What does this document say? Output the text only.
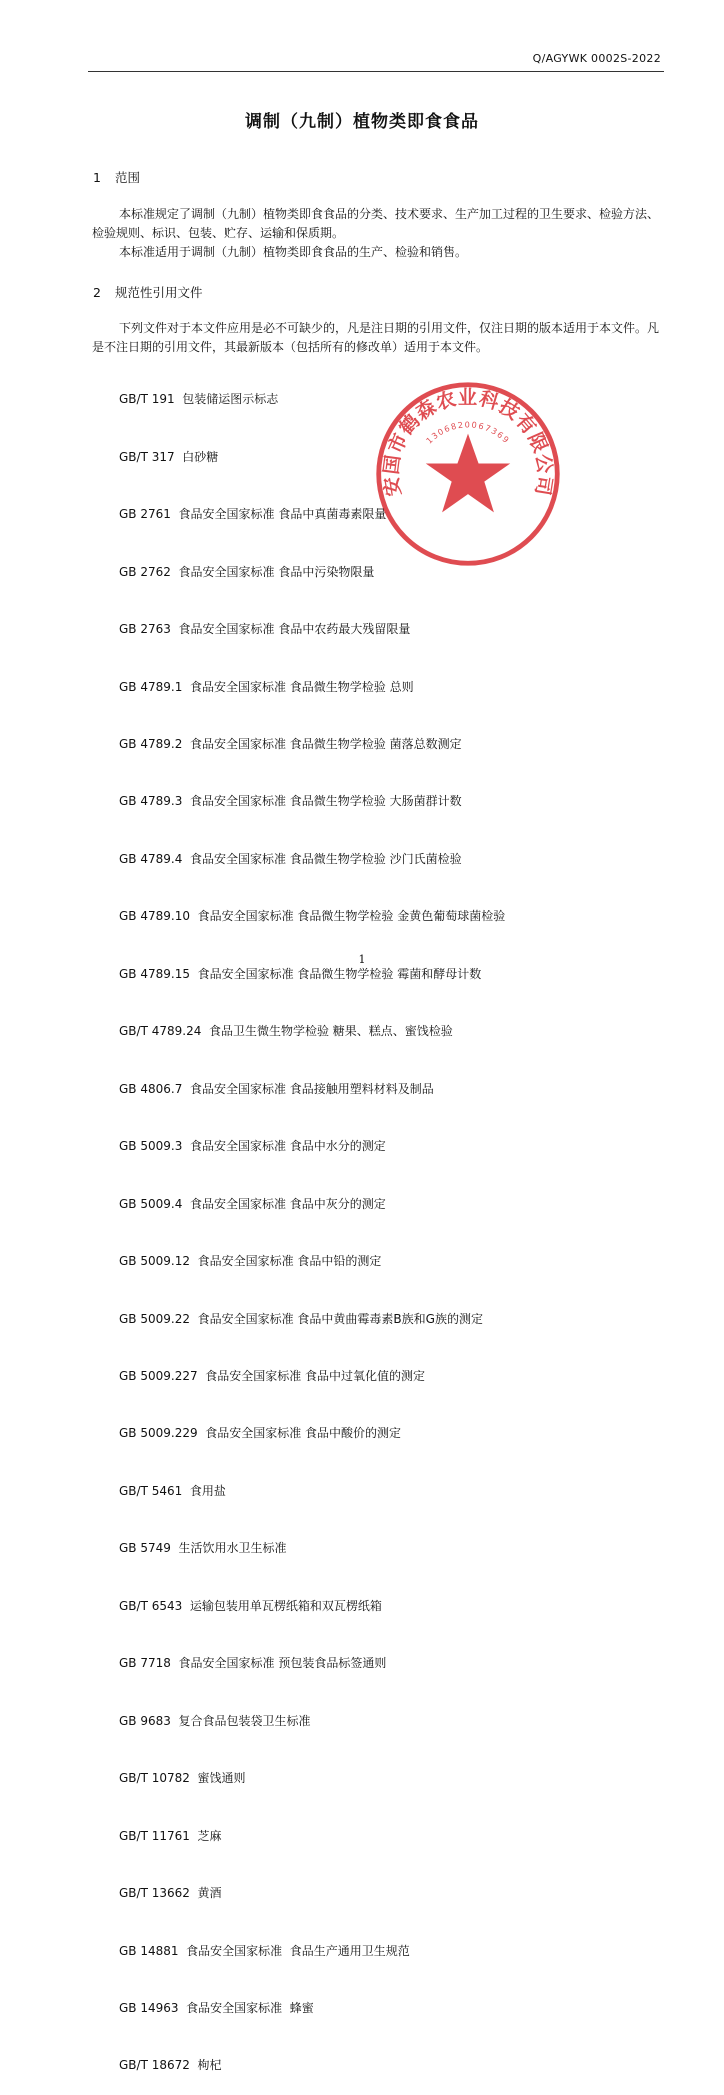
Q/AGYWK 0002S-2022
调制（九制）植物类即食食品
1 范围

本标准规定了调制（九制）植物类即食食品的分类、技术要求、生产加工过程的卫生要求、检验方法、检验规则、标识、包装、贮存、运输和保质期。

本标准适用于调制（九制）植物类即食食品的生产、检验和销售。

2 规范性引用文件

下列文件对于本文件应用是必不可缺少的，凡是注日期的引用文件，仅注日期的版本适用于本文件。凡是不注日期的引用文件，其最新版本（包括所有的修改单）适用于本文件。

GB/T 191  包装储运图示标志

GB/T 317  白砂糖

GB 2761  食品安全国家标准 食品中真菌毒素限量

GB 2762  食品安全国家标准 食品中污染物限量

GB 2763  食品安全国家标准 食品中农药最大残留限量

GB 4789.1  食品安全国家标准 食品微生物学检验 总则

GB 4789.2  食品安全国家标准 食品微生物学检验 菌落总数测定

GB 4789.3  食品安全国家标准 食品微生物学检验 大肠菌群计数

GB 4789.4  食品安全国家标准 食品微生物学检验 沙门氏菌检验

GB 4789.10  食品安全国家标准 食品微生物学检验 金黄色葡萄球菌检验

GB 4789.15  食品安全国家标准 食品微生物学检验 霉菌和酵母计数

GB/T 4789.24  食品卫生微生物学检验 糖果、糕点、蜜饯检验

GB 4806.7  食品安全国家标准 食品接触用塑料材料及制品

GB 5009.3  食品安全国家标准 食品中水分的测定

GB 5009.4  食品安全国家标准 食品中灰分的测定

GB 5009.12  食品安全国家标准 食品中铅的测定

GB 5009.22  食品安全国家标准 食品中黄曲霉毒素B族和G族的测定

GB 5009.227  食品安全国家标准 食品中过氧化值的测定

GB 5009.229  食品安全国家标准 食品中酸价的测定

GB/T 5461  食用盐

GB 5749  生活饮用水卫生标准

GB/T 6543  运输包装用单瓦楞纸箱和双瓦楞纸箱

GB 7718  食品安全国家标准 预包装食品标签通则

GB 9683  复合食品包装袋卫生标准

GB/T 10782  蜜饯通则

GB/T 11761  芝麻

GB/T 13662  黄酒

GB 14881  食品安全国家标准  食品生产通用卫生规范

GB 14963  食品安全国家标准  蜂蜜

GB/T 18672  枸杞

安国市鹤森农业科技有限公司
1306820067369
1
